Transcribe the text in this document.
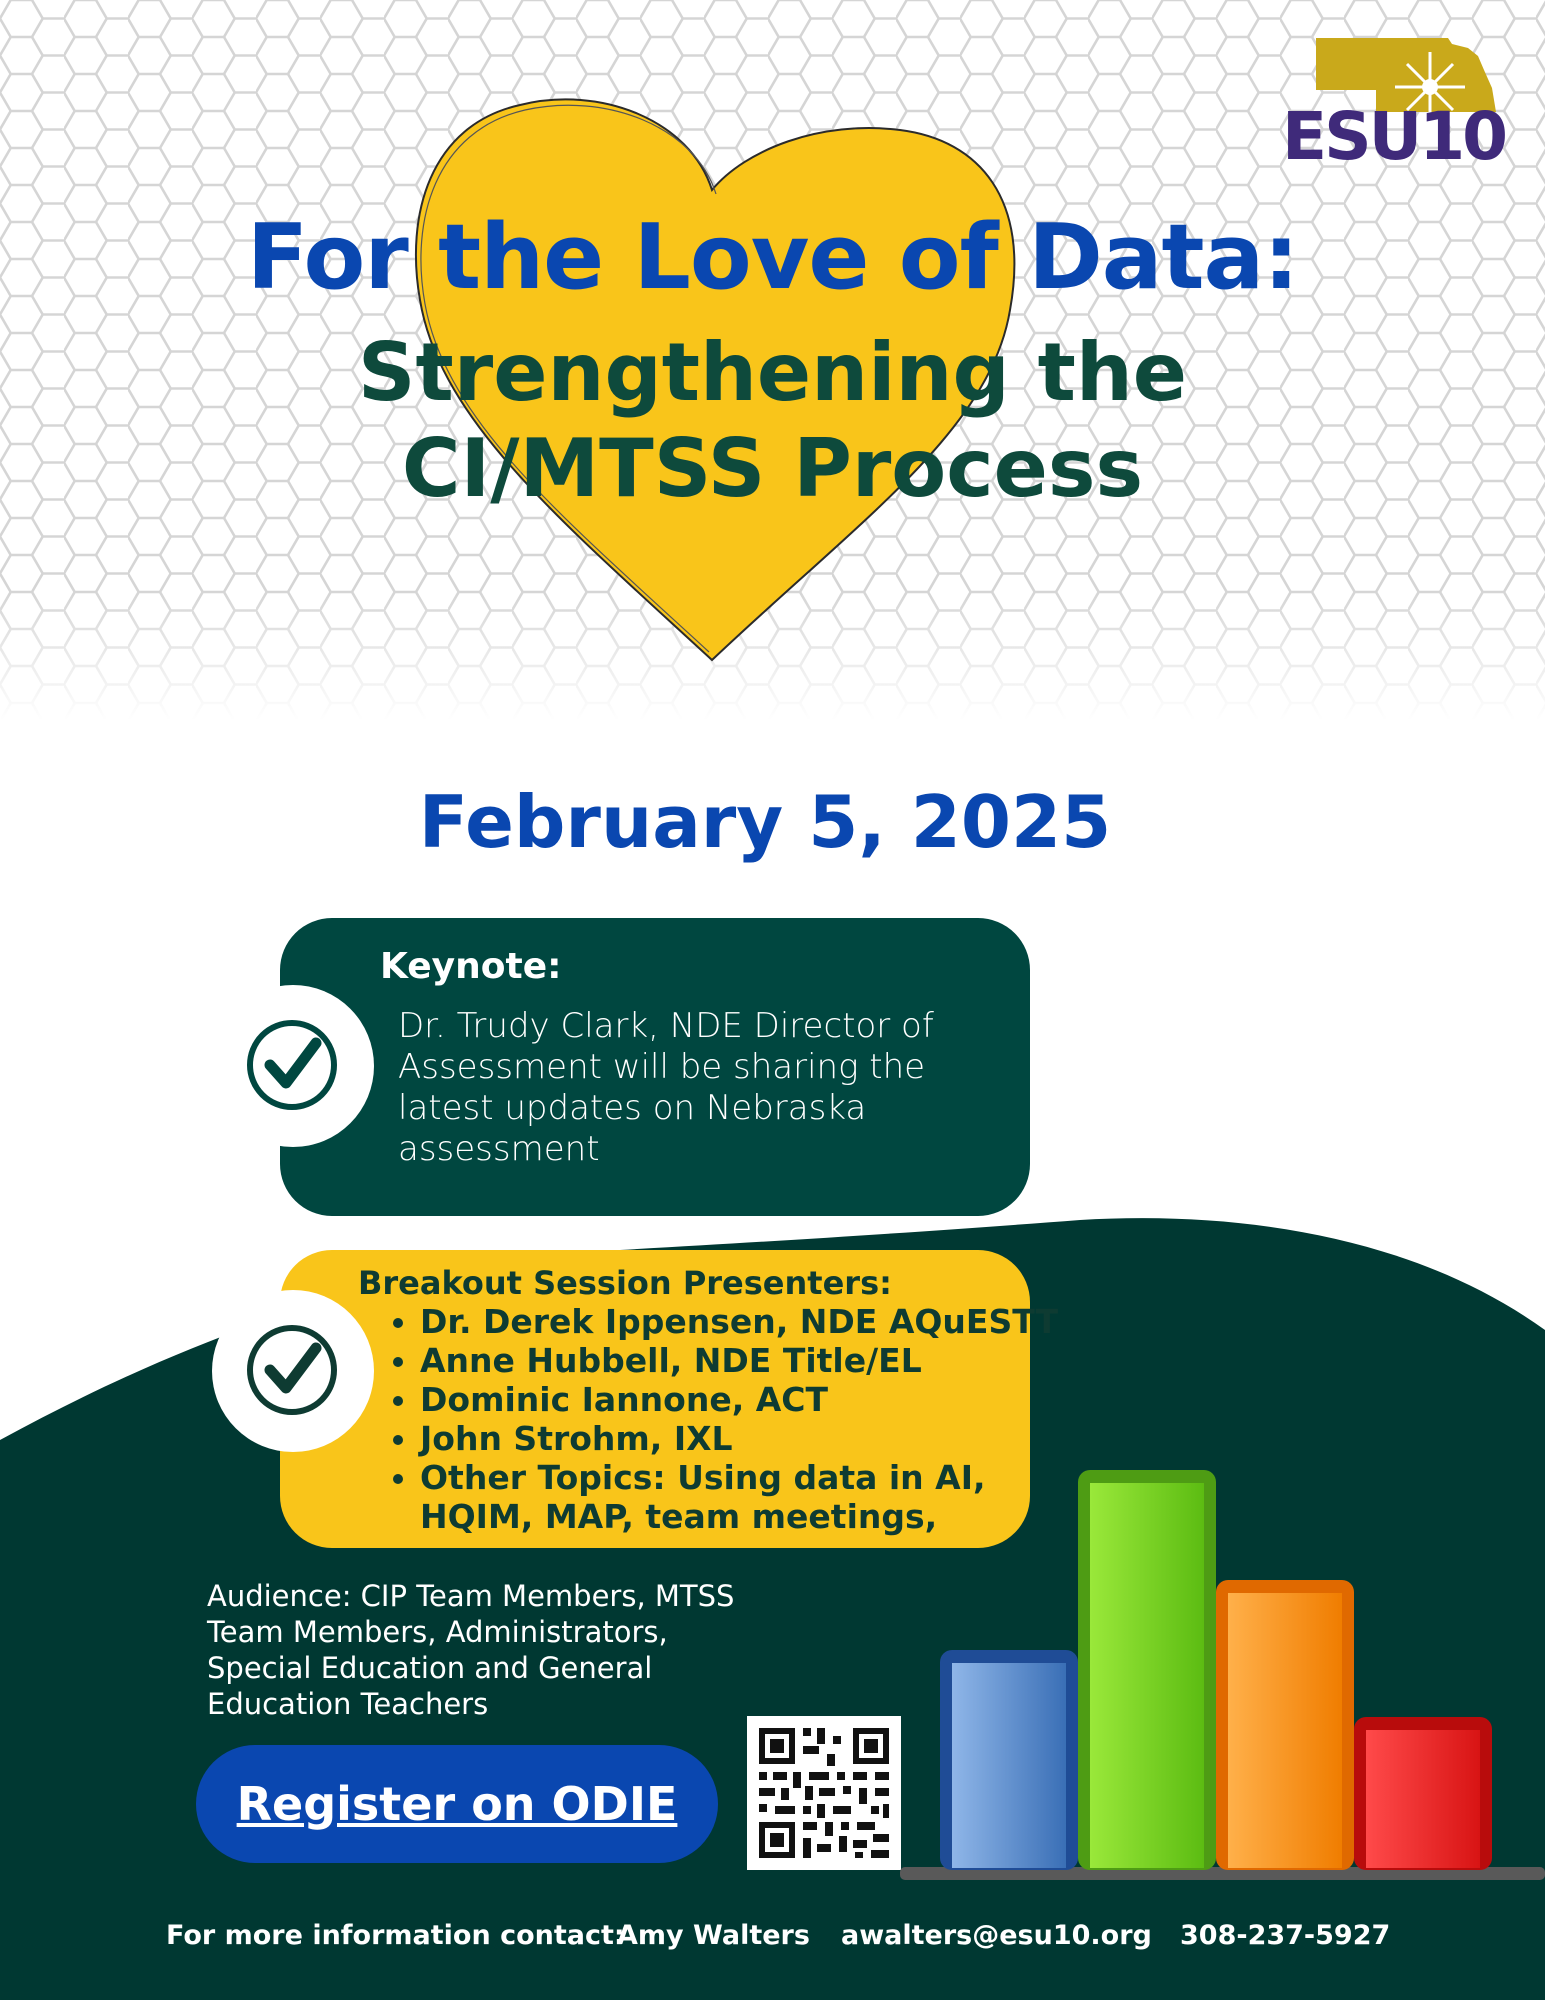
ESU10
For the Love of Data:
Strengthening the
CI/MTSS Process
February 5, 2025
Keynote:
Dr. Trudy Clark, NDE Director of Assessment will be sharing the latest updates on Nebraska assessment
Breakout Session Presenters:
• Dr. Derek Ippensen, NDE AQuESTT
• Anne Hubbell, NDE Title/EL
• Dominic Iannone, ACT
• John Strohm, IXL
• Other Topics: Using data in AI, HQIM, MAP, team meetings,
Audience: CIP Team Members, MTSS Team Members, Administrators, Special Education and General Education Teachers
Register on ODIE
For more information contact:
Amy Walters awalters@esu10.org 308-237-5927
